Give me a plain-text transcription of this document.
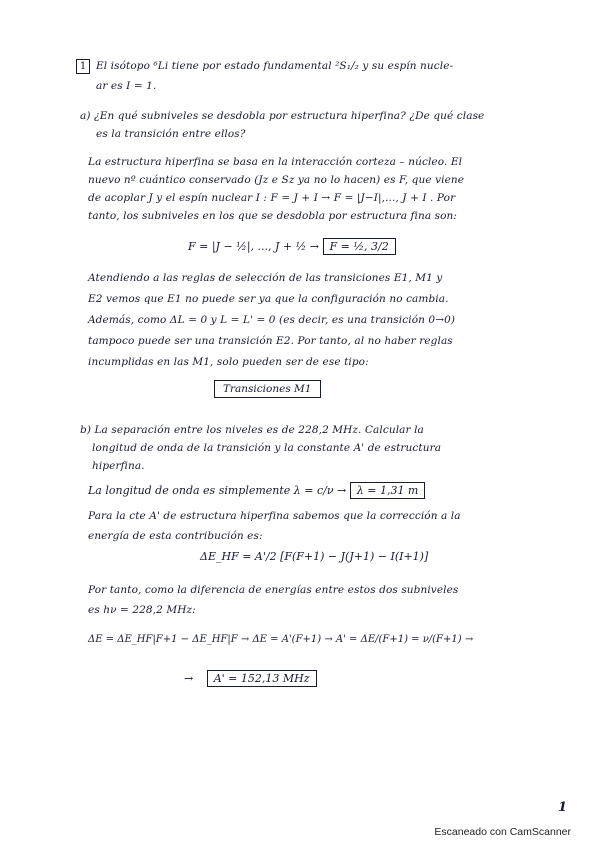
1 El isótopo ⁶Li tiene por estado fundamental ²S₁/₂ y su espín nucle-
ar es I = 1.
a) ¿En qué subniveles se desdobla por estructura hiperfina? ¿De qué clase
es la transición entre ellos?
La estructura hiperfina se basa en la interacción corteza – núcleo. El
nuevo nº cuántico conservado (Jz e Sz ya no lo hacen) es F, que viene
de acoplar J y el espín nuclear I : F = J + I → F = |J−I|,..., J + I . Por
tanto, los subniveles en los que se desdobla por estructura fina son:
F = |J − ½|, ..., J + ½ → F = ½, 3/2
Atendiendo a las reglas de selección de las transiciones E1, M1 y
E2 vemos que E1 no puede ser ya que la configuración no cambia.
Además, como ΔL = 0 y L = L' = 0 (es decir, es una transición 0→0)
tampoco puede ser una transición E2. Por tanto, al no haber reglas
incumplidas en las M1, solo pueden ser de ese tipo:
Transiciones M1
b) La separación entre los niveles es de 228,2 MHz. Calcular la
longitud de onda de la transición y la constante A' de estructura
hiperfina.
La longitud de onda es simplemente λ = c/ν → λ = 1,31 m
Para la cte A' de estructura hiperfina sabemos que la corrección a la
energía de esta contribución es:
ΔE_HF = A'/2 [F(F+1) − J(J+1) − I(I+1)]
Por tanto, como la diferencia de energías entre estos dos subniveles
es hν = 228,2 MHz:
ΔE = ΔE_HF|F+1 − ΔE_HF|F → ΔE = A'(F+1) → A' = ΔE/(F+1) = ν/(F+1) →
→ A' = 152,13 MHz
1
Escaneado con CamScanner
